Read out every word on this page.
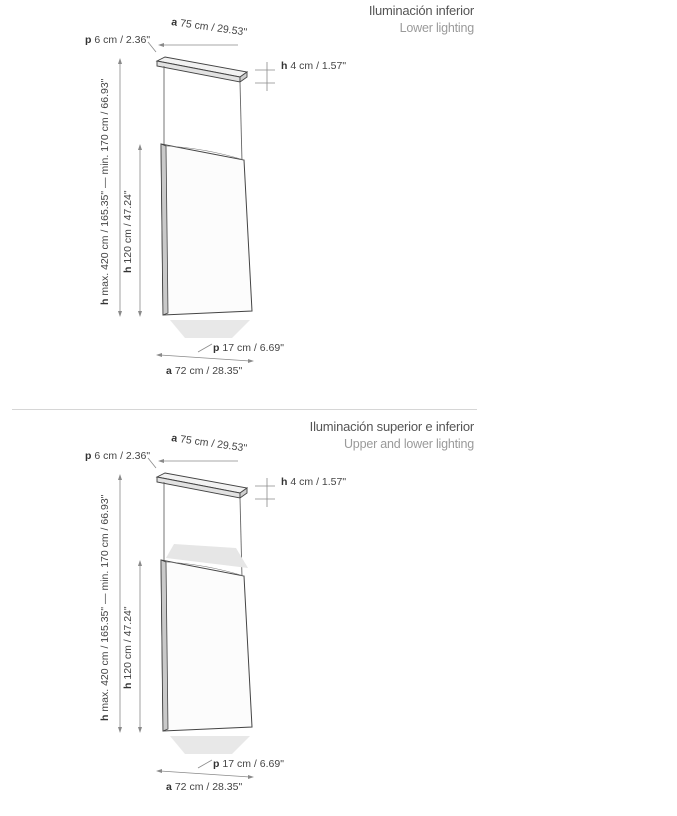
Iluminación inferior
Lower lighting
p 6 cm / 2.36"
a75 cm / 29.53"
h 4 cm / 1.57"
hmax. 420 cm / 165.35" — min. 170 cm / 66.93" h120 cm / 47.24"
p 17 cm / 6.69"
a 72 cm / 28.35"
Iluminación superior e inferior
Upper and lower lighting
p 6 cm / 2.36"
a75 cm / 29.53"
h 4 cm / 1.57"
hmax. 420 cm / 165.35" — min. 170 cm / 66.93" h120 cm / 47.24"
p 17 cm / 6.69"
a 72 cm / 28.35"
